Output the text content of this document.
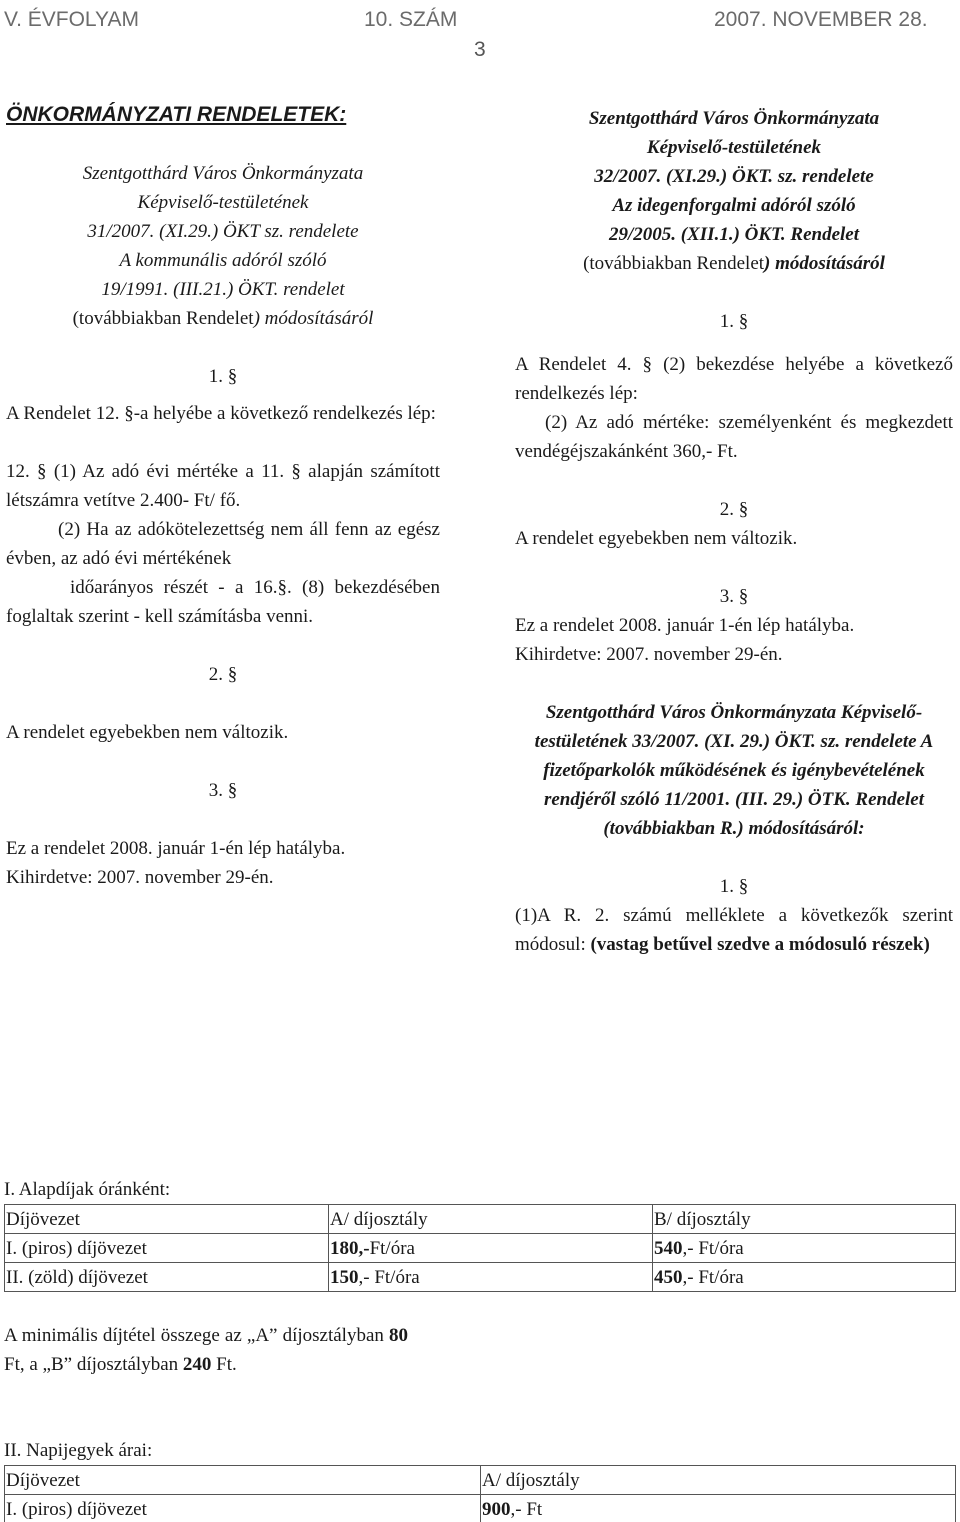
V. ÉVFOLYAM	10. SZÁM	2007. NOVEMBER 28.
3
ÖNKORMÁNYZATI RENDELETEK:
Szentgotthárd Város Önkormányzata
Képviselő-testületének
31/2007. (XI.29.) ÖKT sz. rendelete
A kommunális adóról szóló
19/1991. (III.21.) ÖKT. rendelet
(továbbiakban Rendelet) módosításáról
1. §
A Rendelet 12. §-a helyébe a következő rendelkezés lép:
12. § (1) Az adó évi mértéke a 11. § alapján számított létszámra vetítve 2.400- Ft/ fő.
(2) Ha az adókötelezettség nem áll fenn az egész évben, az adó évi mértékének
időarányos részét - a 16.§. (8) bekezdésében foglaltak szerint - kell számításba venni.
2. §
A rendelet egyebekben nem változik.
3. §
Ez a rendelet 2008. január 1-én lép hatályba.
Kihirdetve: 2007. november 29-én.
Szentgotthárd Város Önkormányzata
Képviselő-testületének
32/2007. (XI.29.) ÖKT. sz. rendelete
Az idegenforgalmi adóról szóló
29/2005. (XII.1.) ÖKT. Rendelet
(továbbiakban Rendelet) módosításáról
1. §
A Rendelet 4. § (2) bekezdése helyébe a következő rendelkezés lép:
(2) Az adó mértéke: személyenként és megkezdett vendégéjszakánként 360,- Ft.
2. §
A rendelet egyebekben nem változik.
3. §
Ez a rendelet 2008. január 1-én lép hatályba.
Kihirdetve: 2007. november 29-én.
Szentgotthárd Város Önkormányzata Képviselő-testületének 33/2007. (XI. 29.) ÖKT. sz. rendelete A fizetőparkolók működésének és igénybevételének rendjéről szóló 11/2001. (III. 29.) ÖTK. Rendelet (továbbiakban R.) módosításáról:
1. §
(1)A R. 2. számú melléklete a következők szerint módosul: (vastag betűvel szedve a módosuló részek)
I. Alapdíjak óránként:
Díjövezet	A/ díjosztály	B/ díjosztály
I. (piros) díjövezet	180,-Ft/óra	540,- Ft/óra
II. (zöld) díjövezet	150,- Ft/óra	450,- Ft/óra
A minimális díjtétel összege az „A” díjosztályban 80 Ft, a „B” díjosztályban 240 Ft.
II. Napijegyek árai:
Díjövezet	A/ díjosztály
I. (piros) díjövezet	900,- Ft
